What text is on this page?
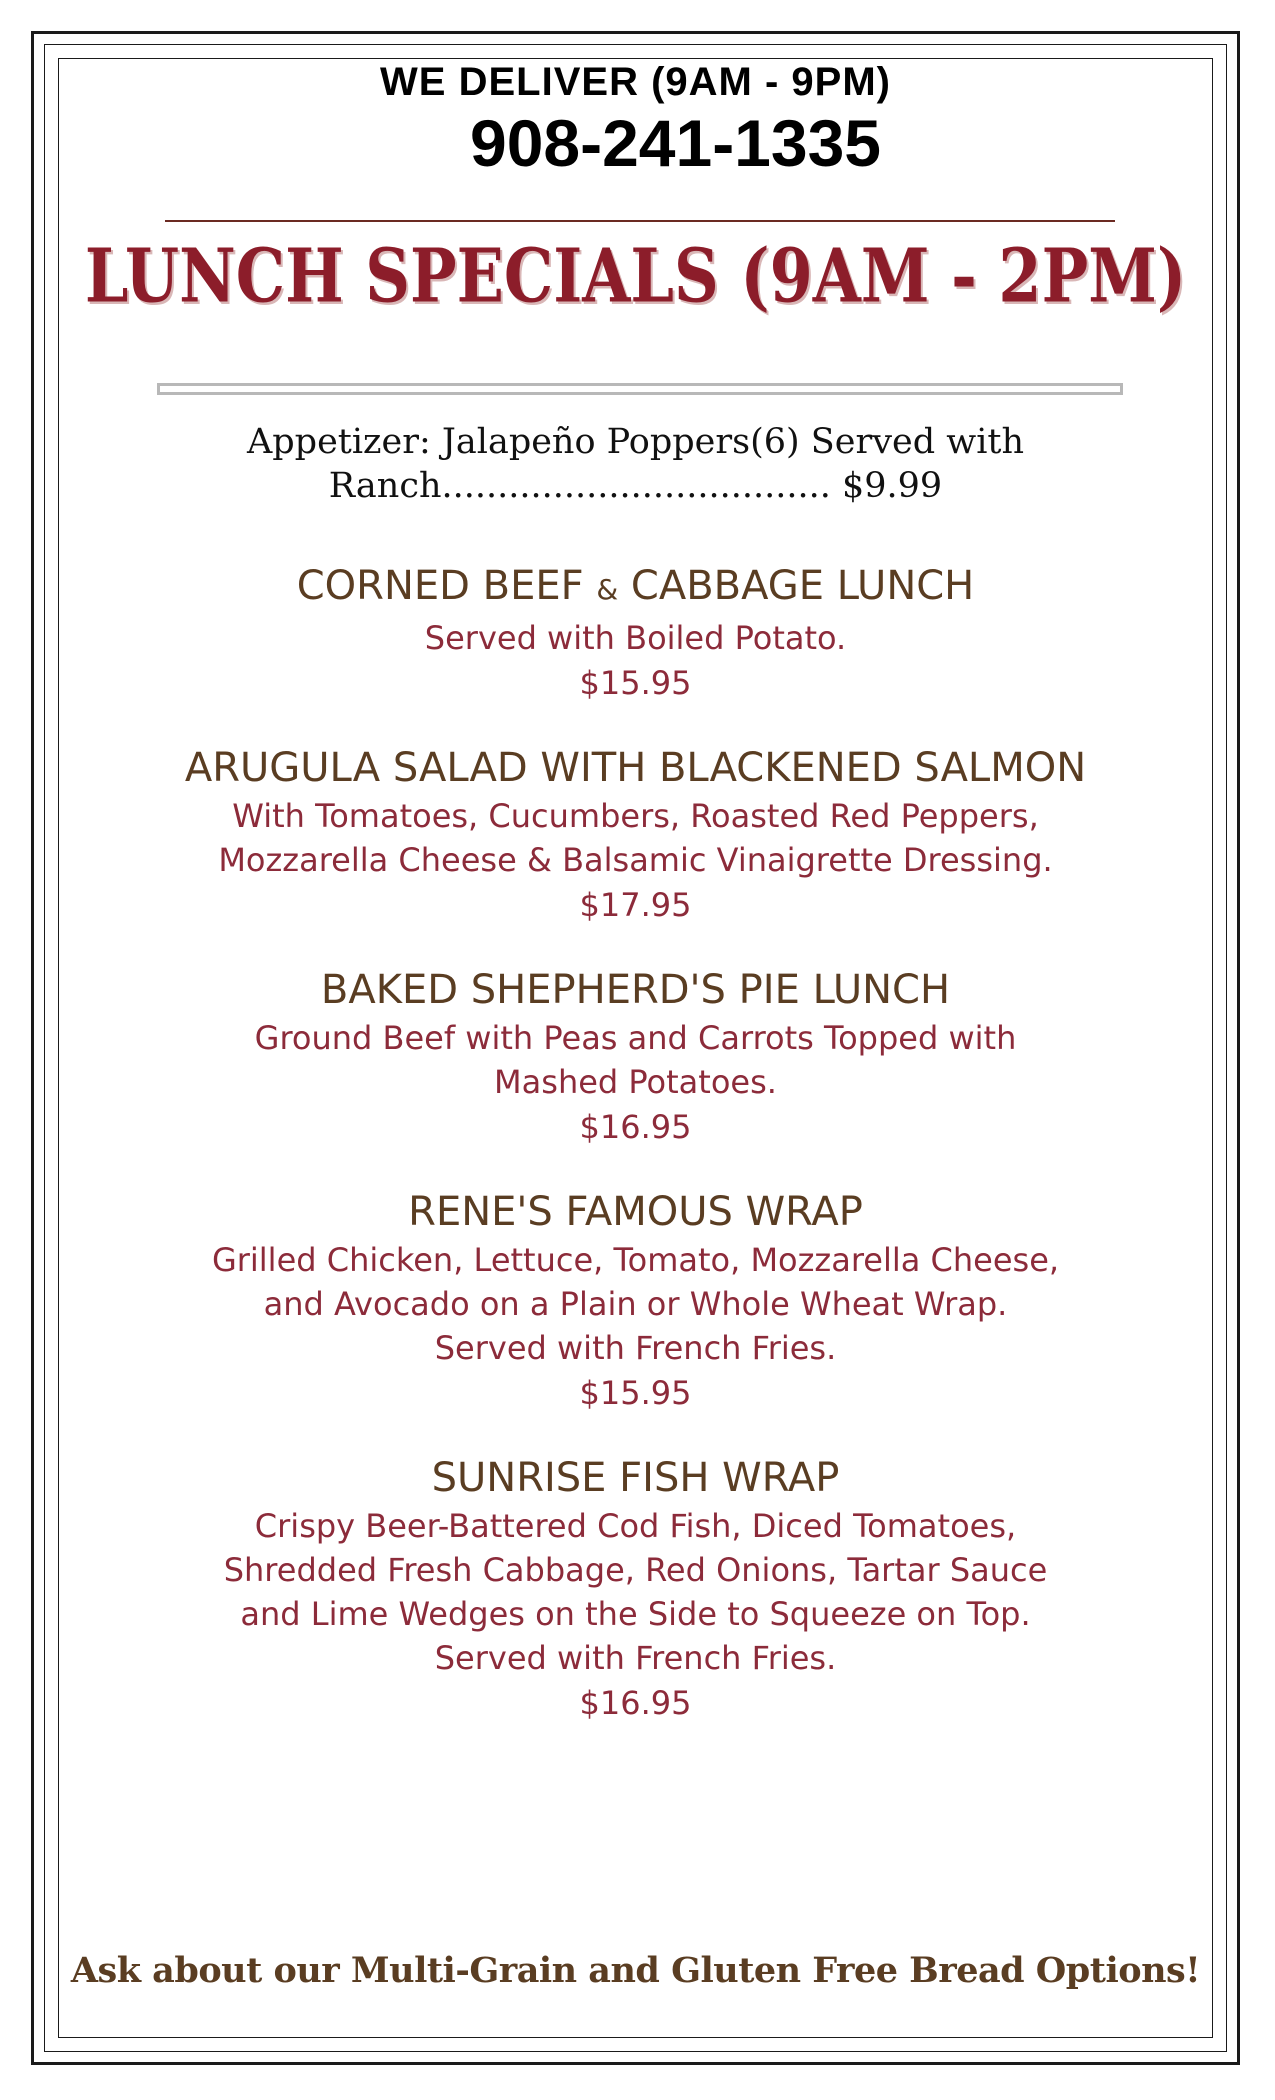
WE DELIVER (9AM - 9PM)
908-241-1335
LUNCH SPECIALS (9AM - 2PM)
Appetizer: Jalapeño Poppers(6) Served with Ranch................................... $9.99
CORNED BEEF & CABBAGE LUNCH
Served with Boiled Potato.
$15.95
ARUGULA SALAD WITH BLACKENED SALMON
With Tomatoes, Cucumbers, Roasted Red Peppers,
Mozzarella Cheese & Balsamic Vinaigrette Dressing.
$17.95
BAKED SHEPHERD'S PIE LUNCH
Ground Beef with Peas and Carrots Topped with
Mashed Potatoes.
$16.95
RENE'S FAMOUS WRAP
Grilled Chicken, Lettuce, Tomato, Mozzarella Cheese,
and Avocado on a Plain or Whole Wheat Wrap.
Served with French Fries.
$15.95
SUNRISE FISH WRAP
Crispy Beer-Battered Cod Fish, Diced Tomatoes,
Shredded Fresh Cabbage, Red Onions, Tartar Sauce
and Lime Wedges on the Side to Squeeze on Top.
Served with French Fries.
$16.95
Ask about our Multi-Grain and Gluten Free Bread Options!
